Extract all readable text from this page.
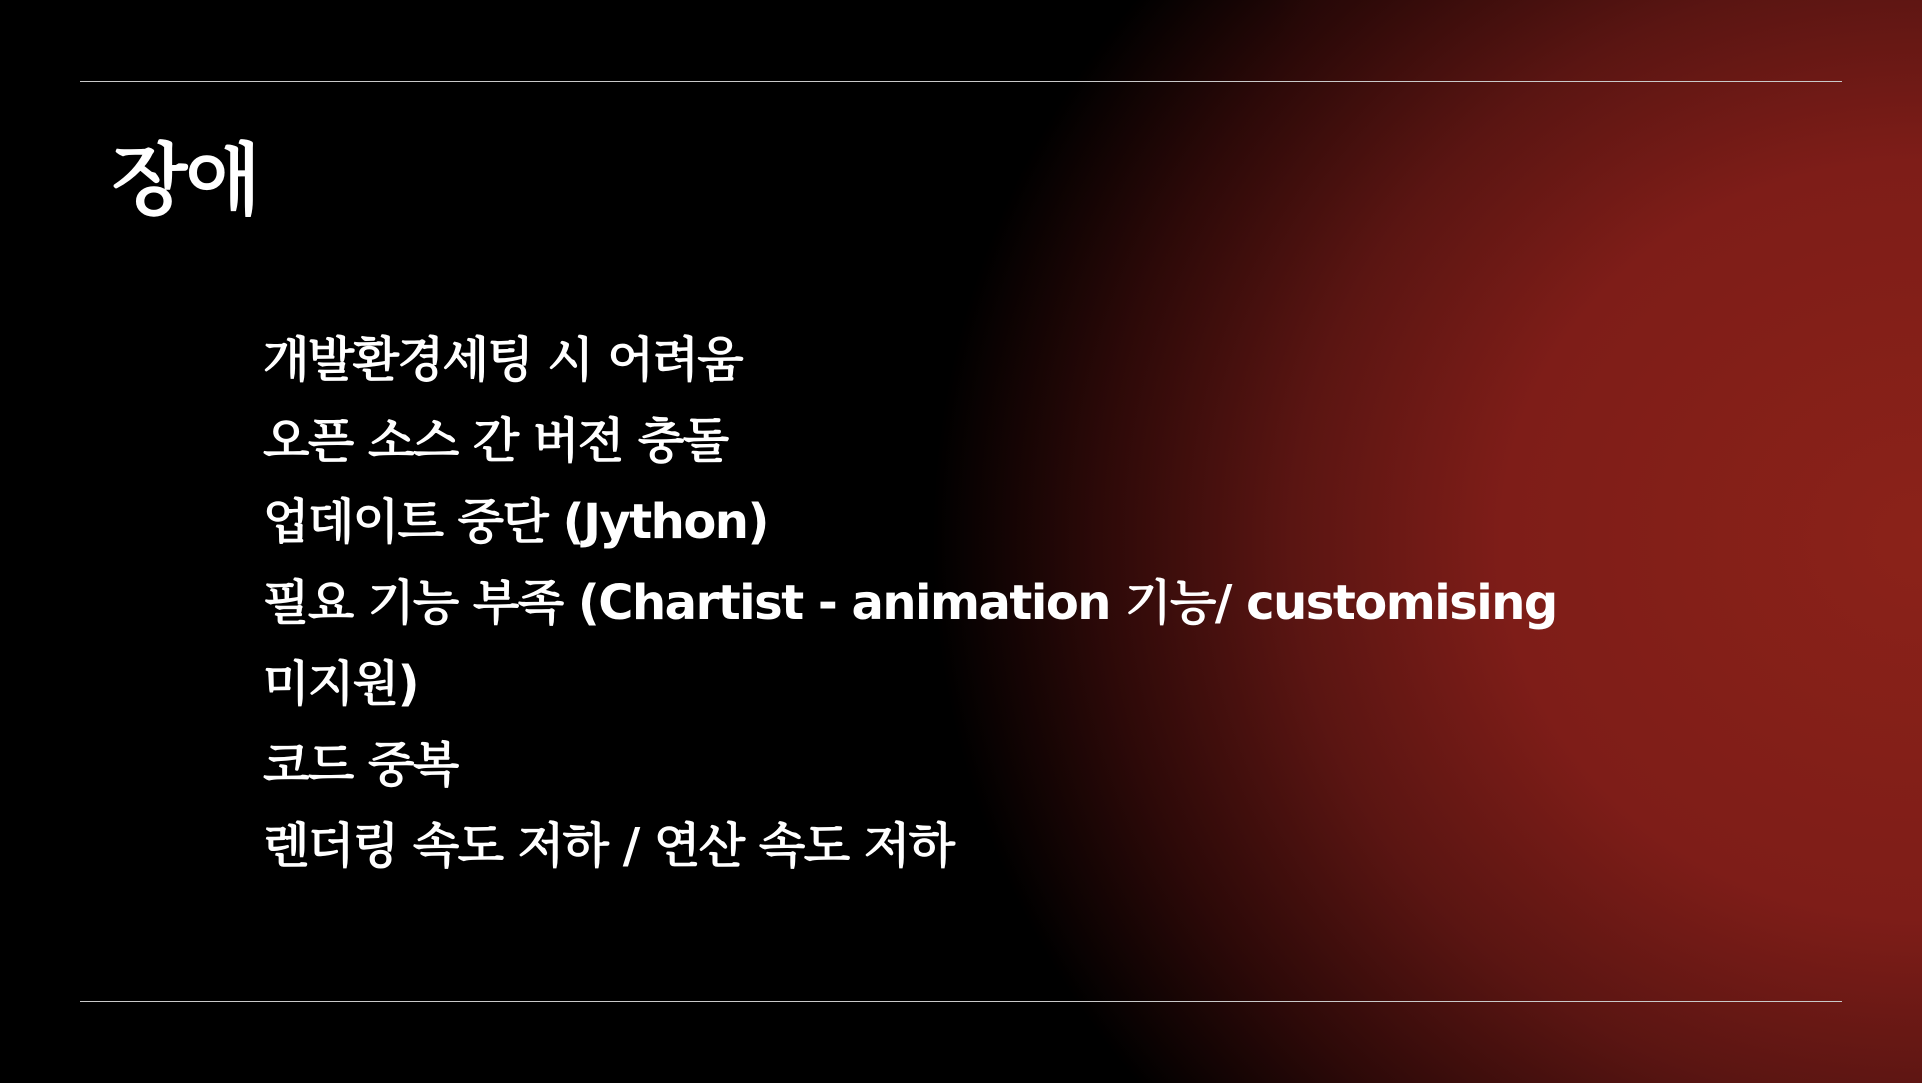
장애
개발환경세팅 시 어려움
오픈 소스 간 버전 충돌
업데이트 중단 (Jython)
필요 기능 부족 (Chartist - animation 기능/ customising
미지원)
코드 중복
렌더링 속도 저하 / 연산 속도 저하
